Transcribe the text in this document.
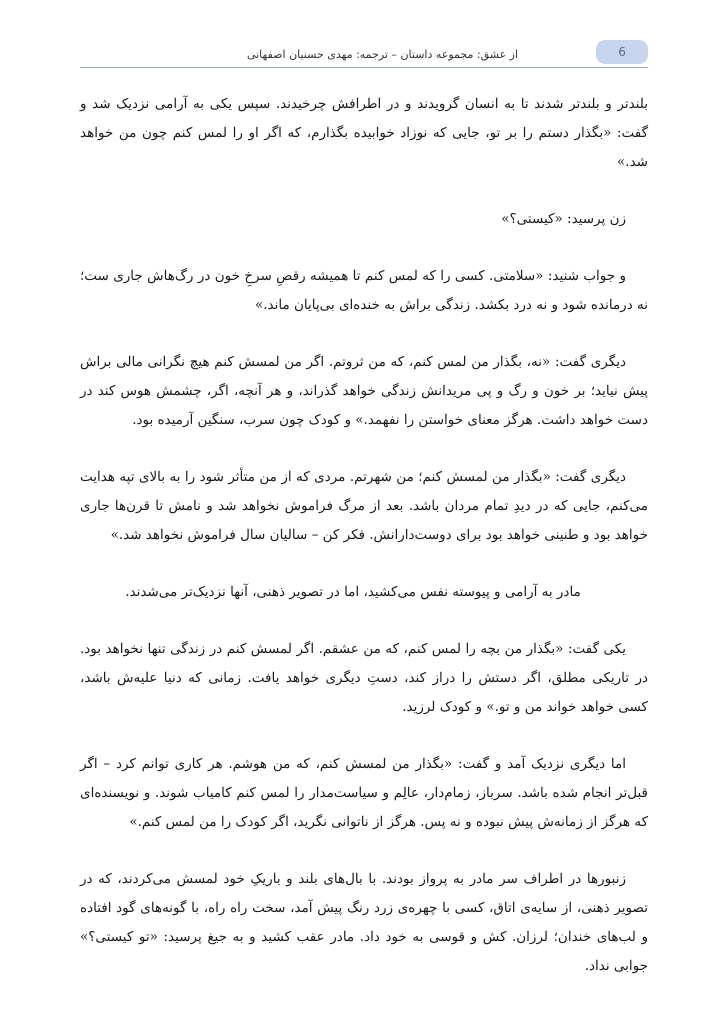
6
از عشق: مجموعه داستان – ترجمه: مهدی حسنیان اصفهانی

بلندتر و بلندتر شدند تا به انسان گرویدند و در اطرافش چرخیدند. سپس یکی به آرامی نزدیک شد و گفت: «بگذار دستم را بر تو، جایی که نوزاد خوابیده بگذارم، که اگر او را لمس کنم چون من خواهد شد.»

زن پرسید: «کیستی؟»

و جواب شنید: «سلامتی. کسی را که لمس کنم تا همیشه رقصِ سرخِ خون در رگ‌هاش جاری ست؛ نه درمانده شود و نه درد بکشد. زندگی براش به خنده‌ای بی‌پایان ماند.»

دیگری گفت: «نه، بگذار من لمس کنم، که من ثروتم. اگر من لمسش کنم هیچ نگرانی مالی براش پیش نیاید؛ بر خون و رگ و پی مریدانش زندگی خواهد گذراند، و هر آنچه، اگر، چشمش هوس کند در دست خواهد داشت. هرگز معنای خواستن را نفهمد.» و کودک چون سرب، سنگین آرمیده بود.

دیگری گفت: «بگذار من لمسش کنم؛ من شهرتم. مردی که از من متأثر شود را به بالای تپه هدایت می‌کنم، جایی که در دیدِ تمام مردان باشد. بعد از مرگ فراموش نخواهد شد و نامش تا قرن‌ها جاری خواهد بود و طنینی خواهد بود برای دوست‌دارانش. فکر کن – سالیان سال فراموش نخواهد شد.»

مادر به آرامی و پیوسته نفس می‌کشید، اما در تصویر ذهنی، آنها نزدیک‌تر می‌شدند.

یکی گفت: «بگذار من بچه را لمس کنم، که من عشقم. اگر لمسش کنم در زندگی تنها نخواهد بود. در تاریکی مطلق، اگر دستش را دراز کند، دستِ دیگری خواهد یافت. زمانی که دنیا علیه‌ش باشد، کسی خواهد خواند من و تو.» و کودک لرزید.

اما دیگری نزدیک آمد و گفت: «بگذار من لمسش کنم، که من هوشم. هر کاری توانم کرد – اگر قبل‌تر انجام شده باشد. سرباز، زمام‌دار، عالِم و سیاست‌مدار را لمس کنم کامیاب شوند. و نویسنده‌ای که هرگز از زمانه‌ش پیش نبوده و نه پس. هرگز از ناتوانی نگرید، اگر کودک را من لمس کنم.»

زنبورها در اطراف سر مادر به پرواز بودند. با بال‌های بلند و باریکِ خود لمسش می‌کردند، که در تصویر ذهنی، از سایه‌ی اتاق، کسی با چهره‌ی زرد رنگ پیش آمد، سخت راه راه، با گونه‌های گود افتاده و لب‌های خندان؛ لرزان. کش و قوسی به خود داد. مادر عقب کشید و به جیغ پرسید: «تو کیستی؟» جوابی نداد.
